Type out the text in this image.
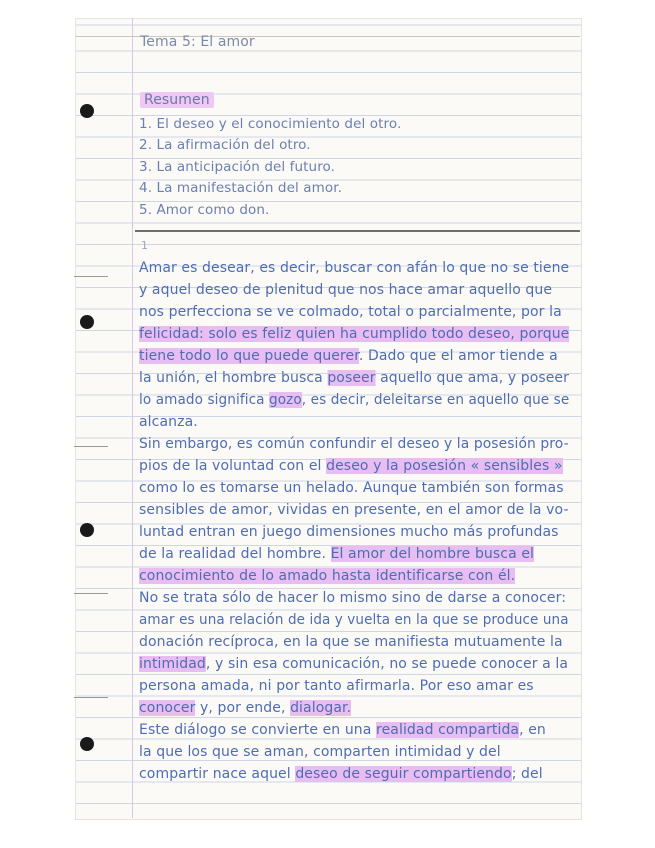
Tema 5: El amor
Resumen
1. El deseo y el conocimiento del otro.
2. La afirmación del otro.
3. La anticipación del futuro.
4. La manifestación del amor.
5. Amor como don.
1
Amar es desear, es decir, buscar con afán lo que no se tiene
y aquel deseo de plenitud que nos hace amar aquello que
nos perfecciona se ve colmado, total o parcialmente, por la
felicidad: solo es feliz quien ha cumplido todo deseo, porque
tiene todo lo que puede querer. Dado que el amor tiende a
la unión, el hombre busca poseer aquello que ama, y poseer
lo amado significa gozo, es decir, deleitarse en aquello que se
alcanza.
Sin embargo, es común confundir el deseo y la posesión pro-
pios de la voluntad con el deseo y la posesión « sensibles »
como lo es tomarse un helado. Aunque también son formas
sensibles de amor, vividas en presente, en el amor de la vo-
luntad entran en juego dimensiones mucho más profundas
de la realidad del hombre. El amor del hombre busca el
conocimiento de lo amado hasta identificarse con él.
No se trata sólo de hacer lo mismo sino de darse a conocer:
amar es una relación de ida y vuelta en la que se produce una
donación recíproca, en la que se manifiesta mutuamente la
intimidad, y sin esa comunicación, no se puede conocer a la
persona amada, ni por tanto afirmarla. Por eso amar es
conocer y, por ende, dialogar.
Este diálogo se convierte en una realidad compartida, en
la que los que se aman, comparten intimidad y del
compartir nace aquel deseo de seguir compartiendo; del
